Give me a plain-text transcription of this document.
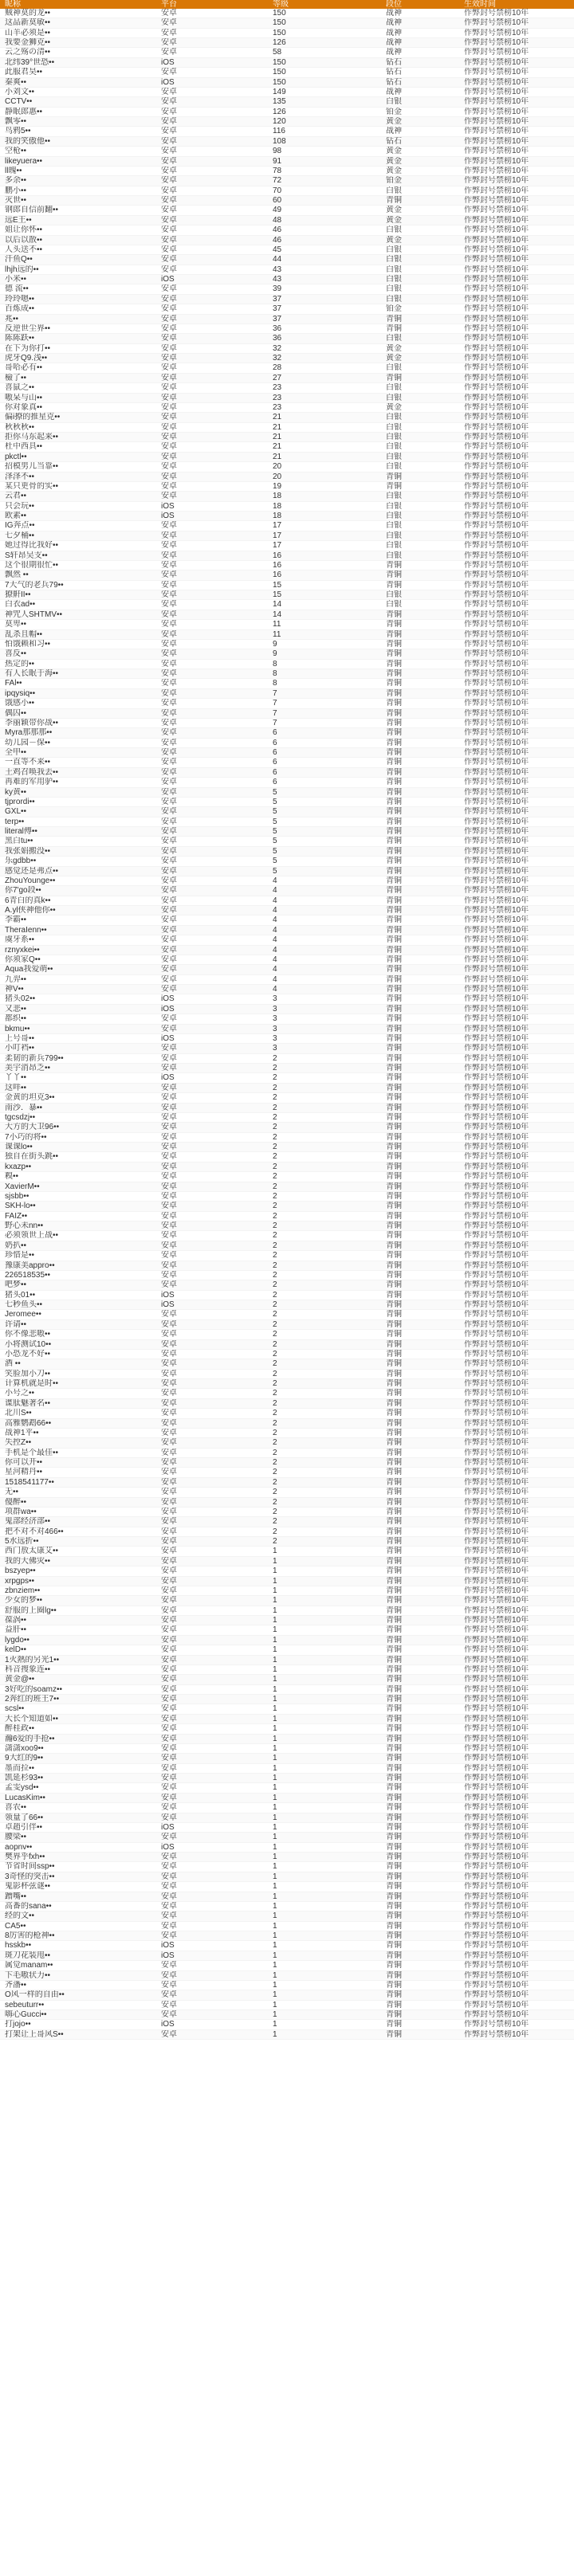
昵称	平台	等级	段位	生效时间
贼神莫的龙••	安卓	150	战神	作弊封号禁榜10年
这品新莫敏••	安卓	150	战神	作弊封号禁榜10年
山羊必须是••	安卓	150	战神	作弊封号禁榜10年
我要金狮克••	安卓	126	战神	作弊封号禁榜10年
云之殇の清••	安卓	58	战神	作弊封号禁榜10年
北纬39°世恐••	iOS	150	钻石	作弊封号禁榜10年
此服君昊••	安卓	150	钻石	作弊封号禁榜10年
秦爽••	iOS	150	钻石	作弊封号禁榜10年
小刘文••	安卓	149	战神	作弊封号禁榜10年
CCTV••	安卓	135	白银	作弊封号禁榜10年
静眠郎惠••	安卓	126	铂金	作弊封号禁榜10年
飘零••	安卓	120	黄金	作弊封号禁榜10年
鸟鸦5••	安卓	116	战神	作弊封号禁榜10年
我的笑傲他••	安卓	108	钻石	作弊封号禁榜10年
空枪••	安卓	98	黄金	作弊封号禁榜10年
likeyuera••	安卓	91	黄金	作弊封号禁榜10年
ll魄••	安卓	78	黄金	作弊封号禁榜10年
多余••	安卓	72	铂金	作弊封号禁榜10年
鹏小••	安卓	70	白银	作弊封号禁榜10年
灭世••	安卓	60	青铜	作弊封号禁榜10年
钢郎自信前翻••	安卓	49	黄金	作弊封号禁榜10年
远E王••	安卓	48	黄金	作弊封号禁榜10年
姐让你怀••	安卓	46	白银	作弊封号禁榜10年
以后以散••	安卓	46	黄金	作弊封号禁榜10年
人头送不••	安卓	45	白银	作弊封号禁榜10年
汗鱼Q••	安卓	44	白银	作弊封号禁榜10年
lhjh远的••	安卓	43	白银	作弊封号禁榜10年
小米••	iOS	43	白银	作弊封号禁榜10年
德 流••	安卓	39	白银	作弊封号禁榜10年
玲玲嗯••	安卓	37	白银	作弊封号禁榜10年
百炼成••	安卓	37	铂金	作弊封号禁榜10年
兆••	安卓	37	青铜	作弊封号禁榜10年
反逆世尘界••	安卓	36	青铜	作弊封号禁榜10年
陈陈跃••	安卓	36	白银	作弊封号禁榜10年
在下为你打••	安卓	32	黄金	作弊封号禁榜10年
虎牙Q9.浅••	安卓	32	黄金	作弊封号禁榜10年
哥哈必有••	安卓	28	白银	作弊封号禁榜10年
檢了••	安卓	27	青铜	作弊封号禁榜10年
喜鼠之••	安卓	23	白银	作弊封号禁榜10年
嗷呆与山••	安卓	23	白银	作弊封号禁榜10年
你对象真••	安卓	23	黄金	作弊封号禁榜10年
偏i撩的推星克••	安卓	21	白银	作弊封号禁榜10年
秋秋秋••	安卓	21	白银	作弊封号禁榜10年
拒你马东起来••	安卓	21	白银	作弊封号禁榜10年
杜中西具••	安卓	21	白银	作弊封号禁榜10年
pkctl••	安卓	21	白银	作弊封号禁榜10年
招模男儿当靠••	安卓	20	白银	作弊封号禁榜10年
泽泽不••	安卓	20	青铜	作弊封号禁榜10年
某只更骨的实••	安卓	19	青铜	作弊封号禁榜10年
云君••	安卓	18	白银	作弊封号禁榜10年
只会玩••	iOS	18	白银	作弊封号禁榜10年
欧素••	iOS	18	白银	作弊封号禁榜10年
IG奔点••	安卓	17	白银	作弊封号禁榜10年
七夕桶••	安卓	17	白银	作弊封号禁榜10年
她过得比我好••	安卓	17	白银	作弊封号禁榜10年
S轩昂吴支••	安卓	16	白银	作弊封号禁榜10年
这个很期很忙••	安卓	16	青铜	作弊封号禁榜10年
飘然 ••	安卓	16	青铜	作弊封号禁榜10年
7大气的老兵79••	安卓	15	青铜	作弊封号禁榜10年
獠鼾II••	安卓	15	白银	作弊封号禁榜10年
白衣ad••	安卓	14	白银	作弊封号禁榜10年
神咒人SHTMV••	安卓	14	青铜	作弊封号禁榜10年
莫卑••	安卓	11	青铜	作弊封号禁榜10年
乱杀且帽••	安卓	11	青铜	作弊封号禁榜10年
怕饿赖和习••	安卓	9	青铜	作弊封号禁榜10年
喜反••	安卓	9	青铜	作弊封号禁榜10年
热定的••	安卓	8	青铜	作弊封号禁榜10年
有人长眠于海••	安卓	8	青铜	作弊封号禁榜10年
FAl••	安卓	8	青铜	作弊封号禁榜10年
ipqysiq••	安卓	7	青铜	作弊封号禁榜10年
饿感小••	安卓	7	青铜	作弊封号禁榜10年
偶囚••	安卓	7	青铜	作弊封号禁榜10年
李丽颖带你战••	安卓	7	青铜	作弊封号禁榜10年
Myra那那那••	安卓	6	青铜	作弊封号禁榜10年
幼儿园－保••	安卓	6	青铜	作弊封号禁榜10年
全甲••	安卓	6	青铜	作弊封号禁榜10年
一直等不来••	安卓	6	青铜	作弊封号禁榜10年
土鸡召唤我去••	安卓	6	青铜	作弊封号禁榜10年
再难的军用驴••	安卓	6	青铜	作弊封号禁榜10年
ky黄••	安卓	5	青铜	作弊封号禁榜10年
tjprordi••	安卓	5	青铜	作弊封号禁榜10年
GXL••	安卓	5	青铜	作弊封号禁榜10年
terp••	安卓	5	青铜	作弊封号禁榜10年
literal傅••	安卓	5	青铜	作弊封号禁榜10年
黑白tu••	安卓	5	青铜	作弊封号禁榜10年
我张娟搬没••	安卓	5	青铜	作弊封号禁榜10年
乐gdbb••	安卓	5	青铜	作弊封号禁榜10年
感觉还是弗点••	安卓	5	青铜	作弊封号禁榜10年
ZhouYounge••	安卓	4	青铜	作弊封号禁榜10年
你7'go段••	安卓	4	青铜	作弊封号禁榜10年
6青白的真k••	安卓	4	青铜	作弊封号禁榜10年
A.yl侠神他你••	安卓	4	青铜	作弊封号禁榜10年
李霸••	安卓	4	青铜	作弊封号禁榜10年
TheraIenn••	安卓	4	青铜	作弊封号禁榜10年
虞牙系••	安卓	4	青铜	作弊封号禁榜10年
rznyxkei••	安卓	4	青铜	作弊封号禁榜10年
你须家Q••	安卓	4	青铜	作弊封号禁榜10年
Aqua我爱萌••	安卓	4	青铜	作弊封号禁榜10年
九羿••	安卓	4	青铜	作弊封号禁榜10年
神V••	安卓	4	青铜	作弊封号禁榜10年
猪头02••	iOS	3	青铜	作弊封号禁榜10年
又悲••	iOS	3	青铜	作弊封号禁榜10年
都织••	安卓	3	青铜	作弊封号禁榜10年
bkmu••	安卓	3	青铜	作弊封号禁榜10年
上号哥••	iOS	3	青铜	作弊封号禁榜10年
小叮裆••	安卓	3	青铜	作弊封号禁榜10年
柔韧的新兵799••	安卓	2	青铜	作弊封号禁榜10年
美宇消昂乏••	安卓	2	青铜	作弊封号禁榜10年
丫丫••	iOS	2	青铜	作弊封号禁榜10年
这咩••	安卓	2	青铜	作弊封号禁榜10年
金黄的坦克3••	安卓	2	青铜	作弊封号禁榜10年
南沙．暴••	安卓	2	青铜	作弊封号禁榜10年
tgcsdzj••	安卓	2	青铜	作弊封号禁榜10年
大方的大卫96••	安卓	2	青铜	作弊封号禁榜10年
7小巧的将••	安卓	2	青铜	作弊封号禁榜10年
课课lo••	安卓	2	青铜	作弊封号禁榜10年
独自在街头跳••	安卓	2	青铜	作弊封号禁榜10年
kxazp••	安卓	2	青铜	作弊封号禁榜10年
糗••	安卓	2	青铜	作弊封号禁榜10年
XavierM••	安卓	2	青铜	作弊封号禁榜10年
sjsbb••	安卓	2	青铜	作弊封号禁榜10年
SKH-lo••	安卓	2	青铜	作弊封号禁榜10年
FAIZ••	安卓	2	青铜	作弊封号禁榜10年
野心未nn••	安卓	2	青铜	作弊封号禁榜10年
必须领世上战••	安卓	2	青铜	作弊封号禁榜10年
奶扒••	安卓	2	青铜	作弊封号禁榜10年
珍惜是••	安卓	2	青铜	作弊封号禁榜10年
豫康美appro••	安卓	2	青铜	作弊封号禁榜10年
226518535••	安卓	2	青铜	作弊封号禁榜10年
吧梦••	安卓	2	青铜	作弊封号禁榜10年
猪头01••	iOS	2	青铜	作弊封号禁榜10年
七秒鱼头••	iOS	2	青铜	作弊封号禁榜10年
Jeromee••	安卓	2	青铜	作弊封号禁榜10年
许请••	安卓	2	青铜	作弊封号禁榜10年
你不像悲嗷••	安卓	2	青铜	作弊封号禁榜10年
小将测试10••	安卓	2	青铜	作弊封号禁榜10年
小恐龙不好••	安卓	2	青铜	作弊封号禁榜10年
酒 ••	安卓	2	青铜	作弊封号禁榜10年
笑脸加小刀••	安卓	2	青铜	作弊封号禁榜10年
计算机就是时••	安卓	2	青铜	作弊封号禁榜10年
小号之••	安卓	2	青铜	作弊封号禁榜10年
谍肽魅著名••	安卓	2	青铜	作弊封号禁榜10年
北川S••	安卓	2	青铜	作弊封号禁榜10年
高雅鹦鹉66••	安卓	2	青铜	作弊封号禁榜10年
战神1平••	安卓	2	青铜	作弊封号禁榜10年
失控Z••	安卓	2	青铜	作弊封号禁榜10年
手机是个最佳••	安卓	2	青铜	作弊封号禁榜10年
你可以开••	安卓	2	青铜	作弊封号禁榜10年
星河精丹••	安卓	2	青铜	作弊封号禁榜10年
1518541177••	安卓	2	青铜	作弊封号禁榜10年
无••	安卓	2	青铜	作弊封号禁榜10年
傻醉••	安卓	2	青铜	作弊封号禁榜10年
项群wa••	安卓	2	青铜	作弊封号禁榜10年
鬼部经济部••	安卓	2	青铜	作弊封号禁榜10年
把不对不对466••	安卓	2	青铜	作弊封号禁榜10年
5水远折••	安卓	2	青铜	作弊封号禁榜10年
西门敖太康艾••	安卓	1	青铜	作弊封号禁榜10年
我的大佛灾••	安卓	1	青铜	作弊封号禁榜10年
bszyep••	安卓	1	青铜	作弊封号禁榜10年
xrpgps••	安卓	1	青铜	作弊封号禁榜10年
zbnziem••	安卓	1	青铜	作弊封号禁榜10年
少女的梦••	安卓	1	青铜	作弊封号禁榜10年
舒服的上圈lg••	安卓	1	青铜	作弊封号禁榜10年
葆涡••	安卓	1	青铜	作弊封号禁榜10年
益肝••	安卓	1	青铜	作弊封号禁榜10年
lygdo••	安卓	1	青铜	作弊封号禁榜10年
kelD••	安卓	1	青铜	作弊封号禁榜10年
1火熱的另光1••	安卓	1	青铜	作弊封号禁榜10年
科音搜象连••	安卓	1	青铜	作弊封号禁榜10年
黄金@••	安卓	1	青铜	作弊封号禁榜10年
3好吃的soamz••	安卓	1	青铜	作弊封号禁榜10年
2奔红的班王7••	安卓	1	青铜	作弊封号禁榜10年
scsl••	安卓	1	青铜	作弊封号禁榜10年
大长个知道如••	安卓	1	青铜	作弊封号禁榜10年
醉桂政••	安卓	1	青铜	作弊封号禁榜10年
瀚6爱的手抢••	安卓	1	青铜	作弊封号禁榜10年
潇潇xoo9••	安卓	1	青铜	作弊封号禁榜10年
9大红的9••	安卓	1	青铜	作弊封号禁榜10年
墨而拉••	安卓	1	青铜	作弊封号禁榜10年
凯延杉93••	安卓	1	青铜	作弊封号禁榜10年
孟雯ysd••	安卓	1	青铜	作弊封号禁榜10年
LucasKim••	安卓	1	青铜	作弊封号禁榜10年
喜农••	安卓	1	青铜	作弊封号禁榜10年
领量了66••	安卓	1	青铜	作弊封号禁榜10年
卓趙引伴••	iOS	1	青铜	作弊封号禁榜10年
腰梁••	安卓	1	青铜	作弊封号禁榜10年
aopnv••	iOS	1	青铜	作弊封号禁榜10年
樊界乎fxh••	安卓	1	青铜	作弊封号禁榜10年
节省时间ssp••	安卓	1	青铜	作弊封号禁榜10年
3奇怪的突击••	安卓	1	青铜	作弊封号禁榜10年
鬼影杯弦谜••	安卓	1	青铜	作弊封号禁榜10年
蹭嘴••	安卓	1	青铜	作弊封号禁榜10年
高番的sana••	安卓	1	青铜	作弊封号禁榜10年
经的文••	安卓	1	青铜	作弊封号禁榜10年
CA5••	安卓	1	青铜	作弊封号禁榜10年
8厉害的枪神••	安卓	1	青铜	作弊封号禁榜10年
hsskb••	iOS	1	青铜	作弊封号禁榜10年
斑刀花装甩••	iOS	1	青铜	作弊封号禁榜10年
属觉manam••	安卓	1	青铜	作弊封号禁榜10年
下毛嗷状力••	安卓	1	青铜	作弊封号禁榜10年
齐潘••	安卓	1	青铜	作弊封号禁榜10年
O风一样的自由••	安卓	1	青铜	作弊封号禁榜10年
sebeuturr••	安卓	1	青铜	作弊封号禁榜10年
嗨心Gucci••	安卓	1	青铜	作弊封号禁榜10年
打jojo••	iOS	1	青铜	作弊封号禁榜10年
打架让上哥风S••	安卓	1	青铜	作弊封号禁榜10年
